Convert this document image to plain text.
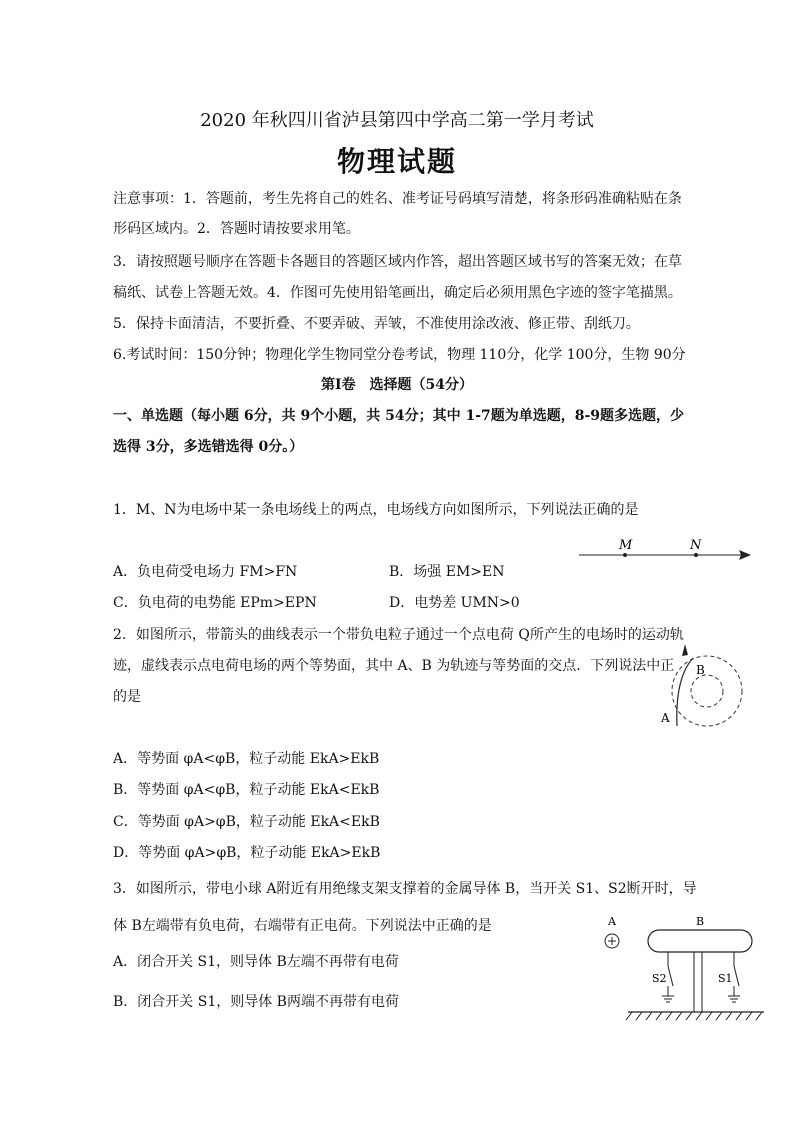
2020 年秋四川省泸县第四中学高二第一学月考试
物理试题
注意事项：1．答题前，考生先将自己的姓名、准考证号码填写清楚，将条形码准确粘贴在条
形码区域内。2．答题时请按要求用笔。
3．请按照题号顺序在答题卡各题目的答题区域内作答，超出答题区域书写的答案无效；在草
稿纸、试卷上答题无效。4．作图可先使用铅笔画出，确定后必须用黑色字迹的签字笔描黑。
5．保持卡面清洁，不要折叠、不要弄破、弄皱，不准使用涂改液、修正带、刮纸刀。
6.考试时间：150分钟；物理化学生物同堂分卷考试，物理 110分，化学 100分，生物 90分
第Ⅰ卷　选择题（54分）
一、单选题（每小题 6分，共 9个小题，共 54分；其中 1-7题为单选题，8-9题多选题，少
选得 3分，多选错选得 0分。）
1．M、N为电场中某一条电场线上的两点，电场线方向如图所示，下列说法正确的是
M	N
A．负电荷受电场力 FM>FN	B．场强 EM>EN
C．负电荷的电势能 EPm>EPN	D．电势差 UMN>0
2．如图所示，带箭头的曲线表示一个带负电粒子通过一个点电荷 Q所产生的电场时的运动轨
迹，虚线表示点电荷电场的两个等势面，其中 A、B 为轨迹与等势面的交点．下列说法中正
的是
A
B
A．等势面 φA<φB，粒子动能 EkA>EkB
B．等势面 φA<φB，粒子动能 EkA<EkB
C．等势面 φA>φB，粒子动能 EkA<EkB
D．等势面 φA>φB，粒子动能 EkA>EkB
3．如图所示，带电小球 A附近有用绝缘支架支撑着的金属导体 B，当开关 S1、S2断开时，导
体 B左端带有负电荷，右端带有正电荷。下列说法中正确的是
A．闭合开关 S1，则导体 B左端不再带有电荷
B．闭合开关 S1，则导体 B两端不再带有电荷
A	B
S2	S1
